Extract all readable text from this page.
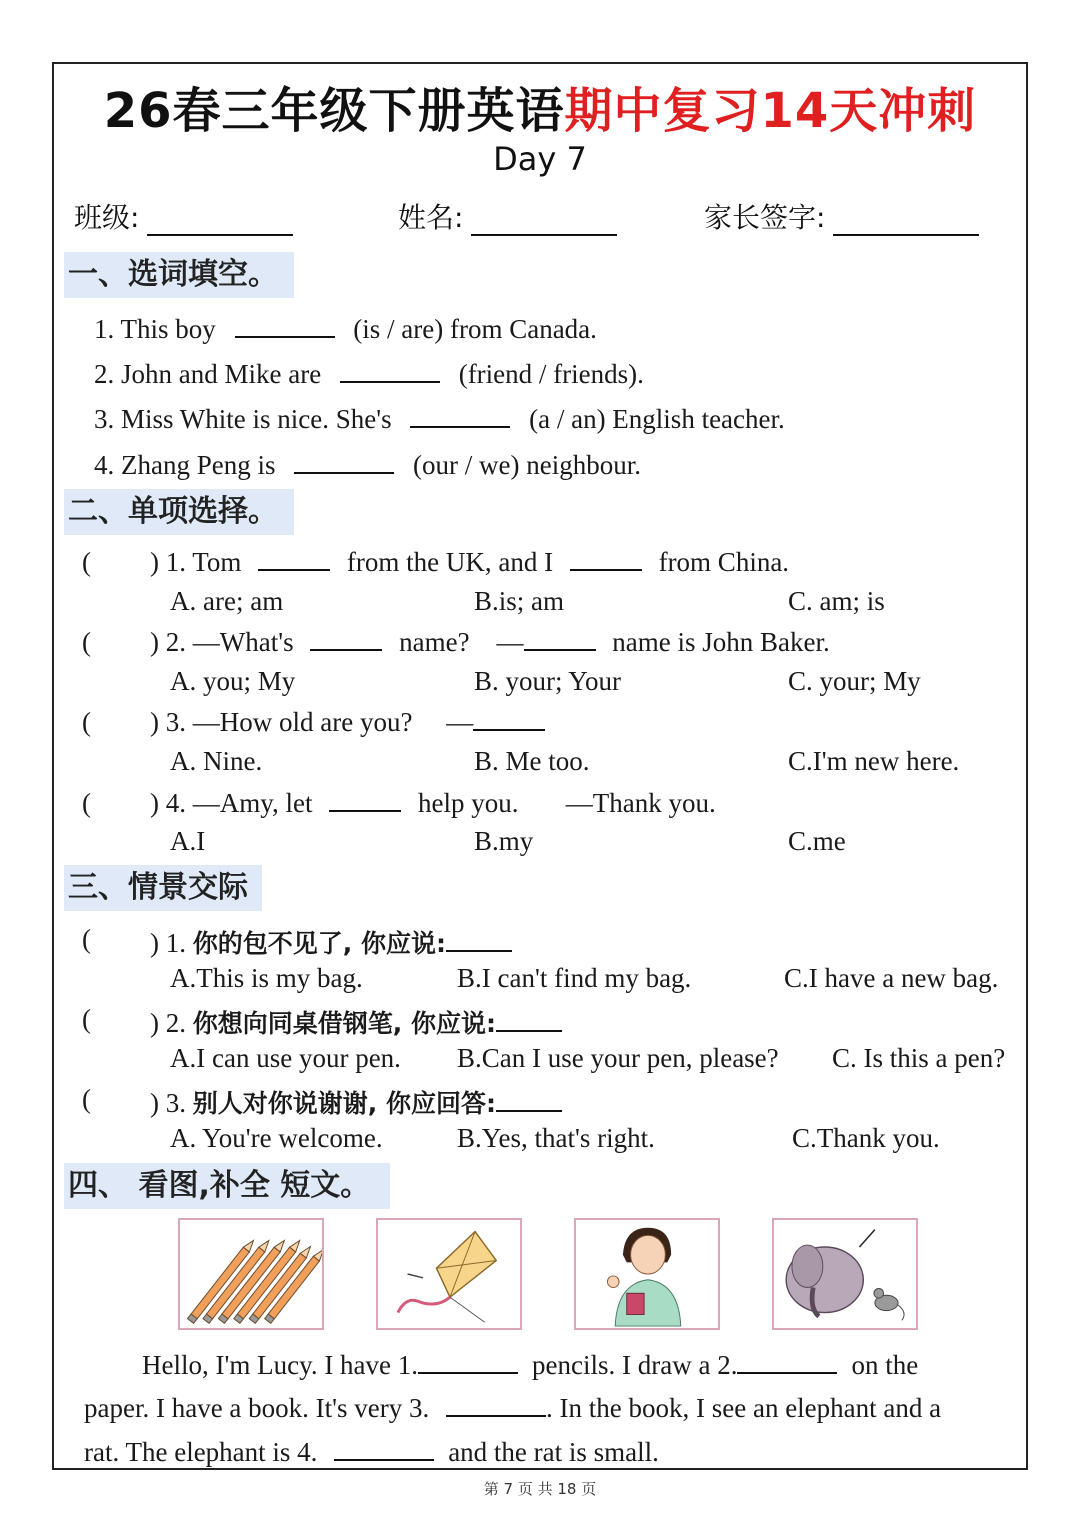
26春三年级下册英语期中复习14天冲刺
Day 7
班级:	姓名:	家长签字:
一、选词填空。
1. This boy	(is / are) from Canada.
2. John and Mike are	(friend / friends).
3. Miss White is nice. She's	(a / an) English teacher.
4. Zhang Peng is	(our / we) neighbour.
二、单项选择。
( ) 1. Tom	from the UK, and I	from China.
A. are; am	B.is; am	C. am; is
( ) 2. —What's	name? —	name is John Baker.
A. you; My	B. your; Your	C. your; My
( ) 3. —How old are you? —
A. Nine.	B. Me too.	C.I'm new here.
( ) 4. —Amy, let	help you. —Thank you.
A.I	B.my	C.me
三、情景交际
( ) 1. 你的包不见了, 你应说:
A.This is my bag.	B.I can't find my bag.	C.I have a new bag.
( ) 2. 你想向同桌借钢笔, 你应说:
A.I can use your pen. B.Can I use your pen, please? C. Is this a pen?
( ) 3. 别人对你说谢谢, 你应回答:
A. You're welcome.	B.Yes, that's right.	C.Thank you.
四、 看图,补全 短文。
Hello, I'm Lucy. I have 1.	pencils. I draw a 2.	on the
paper. I have a book. It's very 3.	. In the book, I see an elephant and a
rat. The elephant is 4.	and the rat is small.
第 7 页 共 18 页
